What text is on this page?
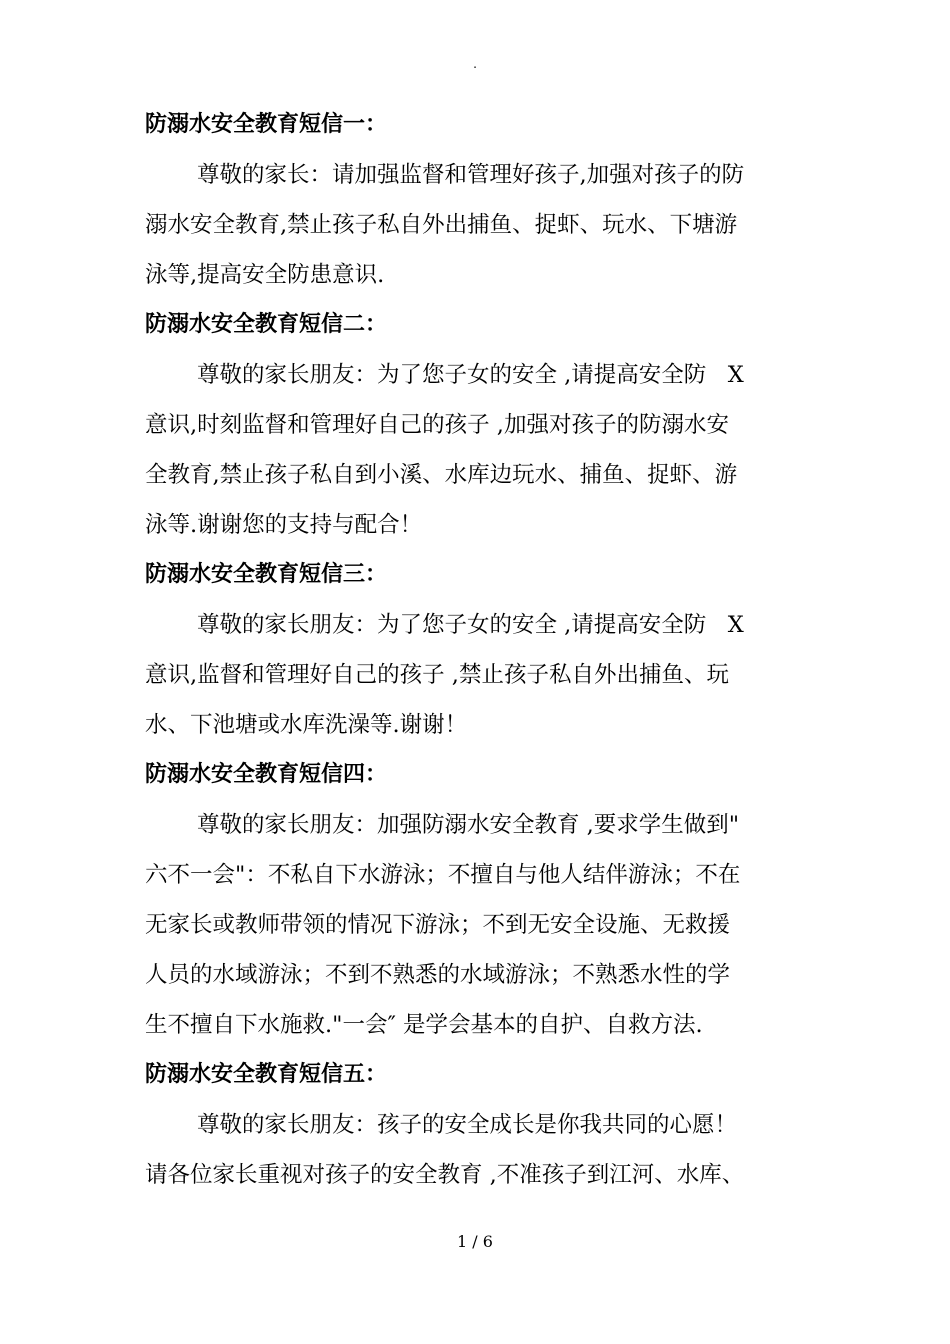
.
防溺水安全教育短信一：

尊敬的家长：请加强监督和管理好孩子,加强对孩子的防
溺水安全教育,禁止孩子私自外出捕鱼、捉虾、玩水、下塘游
泳等,提高安全防患意识.

防溺水安全教育短信二：

尊敬的家长朋友：为了您子女的安全 ,请提高安全防   X
意识,时刻监督和管理好自己的孩子 ,加强对孩子的防溺水安
全教育,禁止孩子私自到小溪、水库边玩水、捕鱼、捉虾、游
泳等.谢谢您的支持与配合！

防溺水安全教育短信三：

尊敬的家长朋友：为了您子女的安全 ,请提高安全防   X
意识,监督和管理好自己的孩子 ,禁止孩子私自外出捕鱼、玩
水、下池塘或水库洗澡等.谢谢！

防溺水安全教育短信四：

尊敬的家长朋友：加强防溺水安全教育 ,要求学生做到"
六不一会"：不私自下水游泳；不擅自与他人结伴游泳；不在
无家长或教师带领的情况下游泳；不到无安全设施、无救援
人员的水域游泳；不到不熟悉的水域游泳；不熟悉水性的学
生不擅自下水施救."一会″ 是学会基本的自护、自救方法.

防溺水安全教育短信五：

尊敬的家长朋友：孩子的安全成长是你我共同的心愿！
请各位家长重视对孩子的安全教育 ,不准孩子到江河、水库、

1 / 6
